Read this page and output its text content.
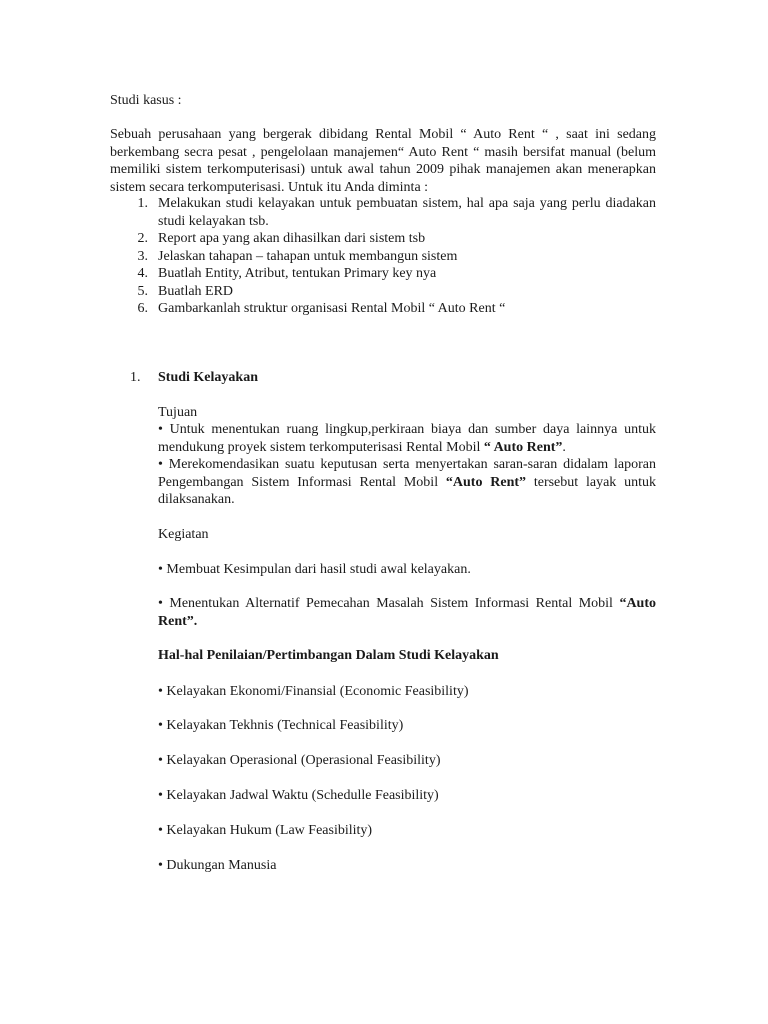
Studi kasus :
Sebuah perusahaan yang bergerak dibidang Rental Mobil “ Auto Rent “ , saat ini sedang berkembang secra pesat , pengelolaan manajemen“ Auto Rent “ masih bersifat manual (belum memiliki sistem terkomputerisasi) untuk awal tahun 2009 pihak manajemen akan menerapkan sistem secara terkomputerisasi. Untuk itu Anda diminta :
1. Melakukan studi kelayakan untuk pembuatan sistem, hal apa saja yang perlu diadakan studi kelayakan tsb.
2. Report apa yang akan dihasilkan dari sistem tsb
3. Jelaskan tahapan – tahapan untuk membangun sistem
4. Buatlah Entity, Atribut, tentukan Primary key nya
5. Buatlah ERD
6. Gambarkanlah struktur organisasi Rental Mobil “ Auto Rent “
1. Studi Kelayakan
Tujuan
• Untuk menentukan ruang lingkup,perkiraan biaya dan sumber daya lainnya untuk mendukung proyek sistem terkomputerisasi Rental Mobil “ Auto Rent”.
• Merekomendasikan suatu keputusan serta menyertakan saran-saran didalam laporan Pengembangan Sistem Informasi Rental Mobil “Auto Rent” tersebut layak untuk dilaksanakan.
Kegiatan
• Membuat Kesimpulan dari hasil studi awal kelayakan.
• Menentukan Alternatif Pemecahan Masalah Sistem Informasi Rental Mobil “Auto Rent”.
Hal-hal Penilaian/Pertimbangan Dalam Studi Kelayakan
• Kelayakan Ekonomi/Finansial (Economic Feasibility)
• Kelayakan Tekhnis (Technical Feasibility)
• Kelayakan Operasional (Operasional Feasibility)
• Kelayakan Jadwal Waktu (Schedulle Feasibility)
• Kelayakan Hukum (Law Feasibility)
• Dukungan Manusia
